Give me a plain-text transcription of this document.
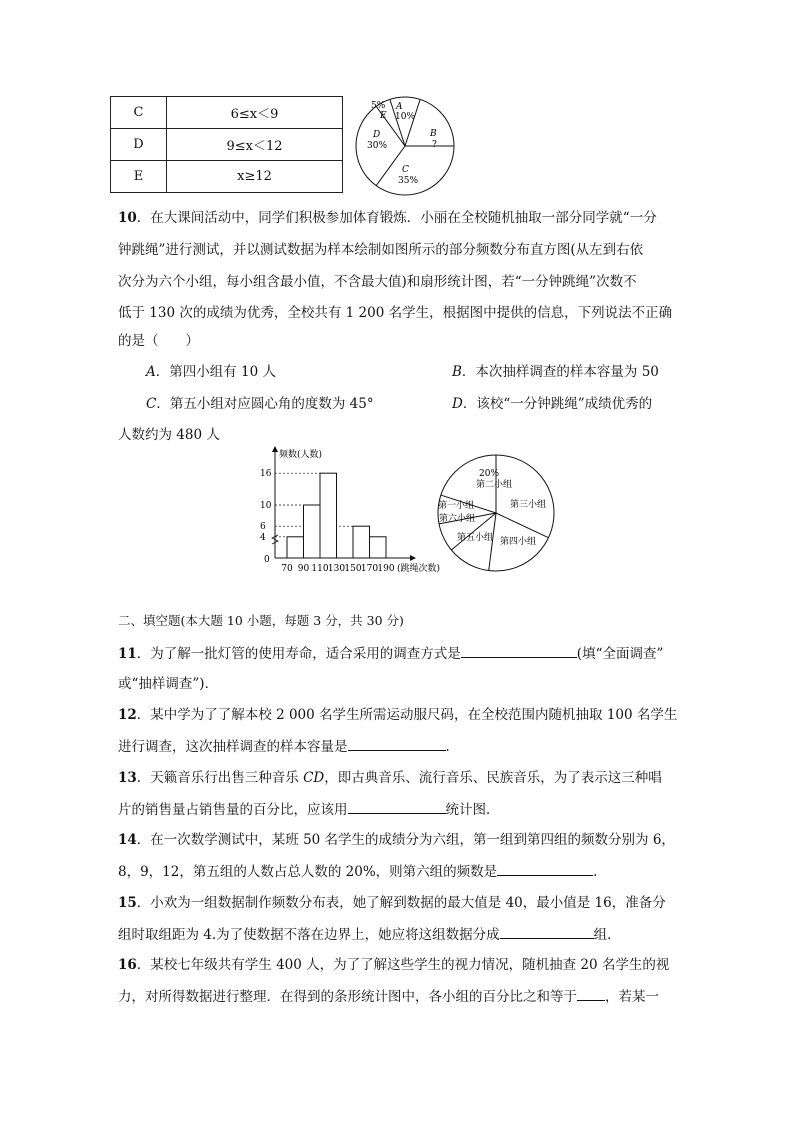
C	6≤x＜9
D	9≤x＜12
E	x≥12
5%
E
A
10%
B
?
C
35%
D
30%
10．在大课间活动中，同学们积极参加体育锻炼．小丽在全校随机抽取一部分同学就“一分
钟跳绳”进行测试，并以测试数据为样本绘制如图所示的部分频数分布直方图(从左到右依
次分为六个小组，每小组含最小值，不含最大值)和扇形统计图，若“一分钟跳绳”次数不
低于 130 次的成绩为优秀，全校共有 1 200 名学生，根据图中提供的信息，下列说法不正确
的是（　　）
A．第四小组有 10 人	B．本次抽样调查的样本容量为 50
C．第五小组对应圆心角的度数为 45°	D．该校“一分钟跳绳”成绩优秀的
人数约为 480 人
频数(人数)
(跳绳次数)
0
70 90 110 130 150 170 190
4
6
10
16	20%
第二小组
第三小组
第四小组
第五小组
第六小组
第一小组
二、填空题(本大题 10 小题，每题 3 分，共 30 分)
11．为了解一批灯管的使用寿命，适合采用的调查方式是	(填“全面调查”
或“抽样调查”)．
12．某中学为了了解本校 2 000 名学生所需运动服尺码，在全校范围内随机抽取 100 名学生
进行调查，这次抽样调查的样本容量是	．
13．天籁音乐行出售三种音乐 CD，即古典音乐、流行音乐、民族音乐，为了表示这三种唱
片的销售量占销售量的百分比，应该用	统计图．
14．在一次数学测试中，某班 50 名学生的成绩分为六组，第一组到第四组的频数分别为 6，
8，9，12，第五组的人数占总人数的 20%，则第六组的频数是	．
15．小欢为一组数据制作频数分布表，她了解到数据的最大值是 40，最小值是 16，准备分
组时取组距为 4.为了使数据不落在边界上，她应将这组数据分成	组．
16．某校七年级共有学生 400 人，为了了解这些学生的视力情况，随机抽查 20 名学生的视
力，对所得数据进行整理．在得到的条形统计图中，各小组的百分比之和等于 ，若某一
